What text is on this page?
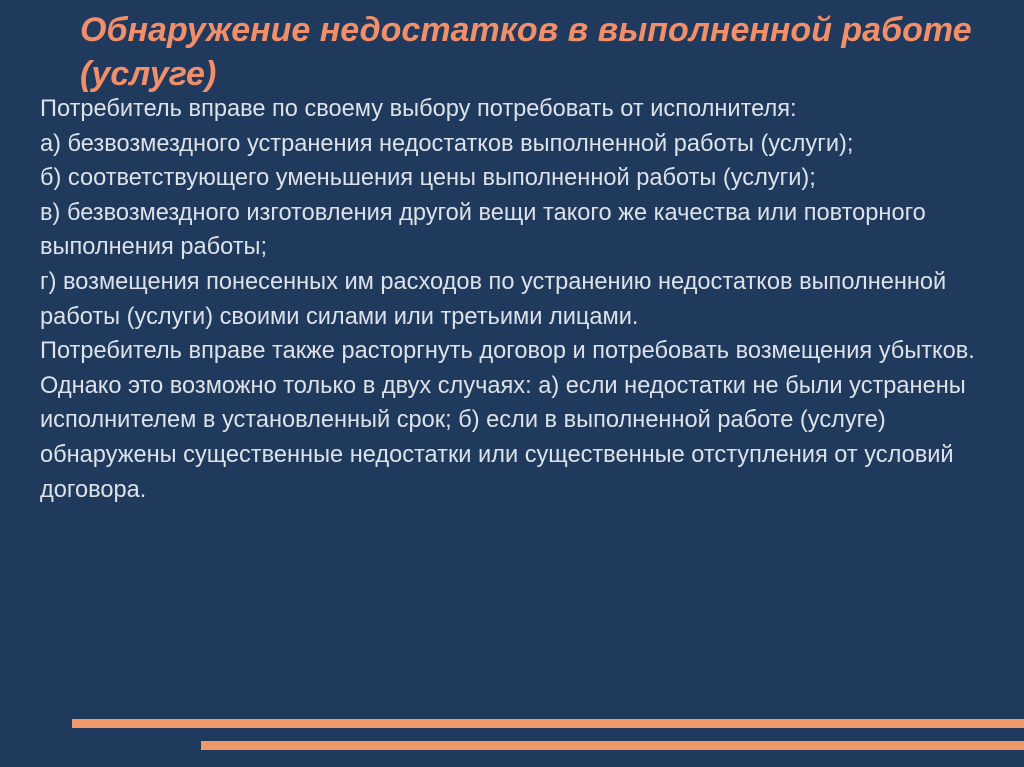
Обнаружение недостатков в выполненной работе (услуге)

Потребитель вправе по своему выбору потребовать от исполнителя:

а) безвозмездного устранения недостатков выполненной работы (услуги);

б) соответствующего уменьшения цены выполненной работы (услуги);

в) безвозмездного изготовления другой вещи такого же качества или повторного выполнения работы;

г) возмещения понесенных им расходов по устранению недостатков выполненной работы (услуги) своими силами или третьими лицами.

Потребитель вправе также расторгнуть договор и потребовать возмещения убытков. Однако это возможно только в двух случаях: а) если недостатки не были устранены исполнителем в установленный срок; б) если в выполненной работе (услуге) обнаружены существенные недостатки или существенные отступления от условий договора.
